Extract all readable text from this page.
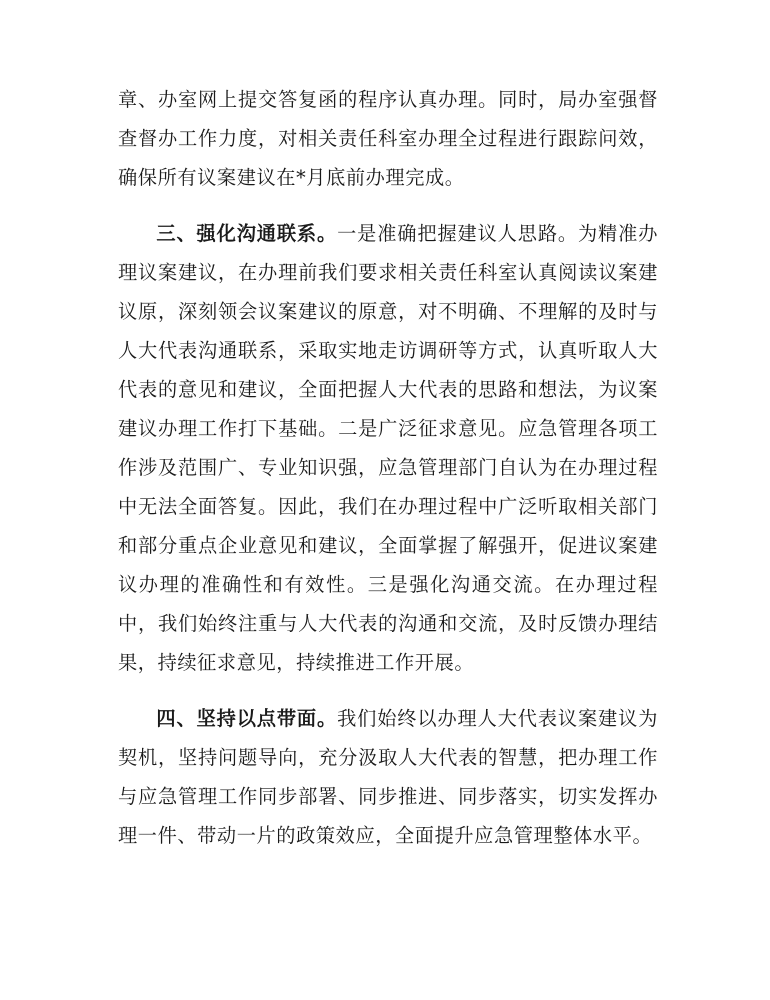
章、办室网上提交答复函的程序认真办理。同时，局办室强督查督办工作力度，对相关责任科室办理全过程进行跟踪问效，确保所有议案建议在*月底前办理完成。

三、强化沟通联系。一是准确把握建议人思路。为精准办理议案建议，在办理前我们要求相关责任科室认真阅读议案建议原，深刻领会议案建议的原意，对不明确、不理解的及时与人大代表沟通联系，采取实地走访调研等方式，认真听取人大代表的意见和建议，全面把握人大代表的思路和想法，为议案建议办理工作打下基础。二是广泛征求意见。应急管理各项工作涉及范围广、专业知识强，应急管理部门自认为在办理过程中无法全面答复。因此，我们在办理过程中广泛听取相关部门和部分重点企业意见和建议，全面掌握了解强开，促进议案建议办理的准确性和有效性。三是强化沟通交流。在办理过程中，我们始终注重与人大代表的沟通和交流，及时反馈办理结果，持续征求意见，持续推进工作开展。

四、坚持以点带面。我们始终以办理人大代表议案建议为契机，坚持问题导向，充分汲取人大代表的智慧，把办理工作与应急管理工作同步部署、同步推进、同步落实，切实发挥办理一件、带动一片的政策效应，全面提升应急管理整体水平。
